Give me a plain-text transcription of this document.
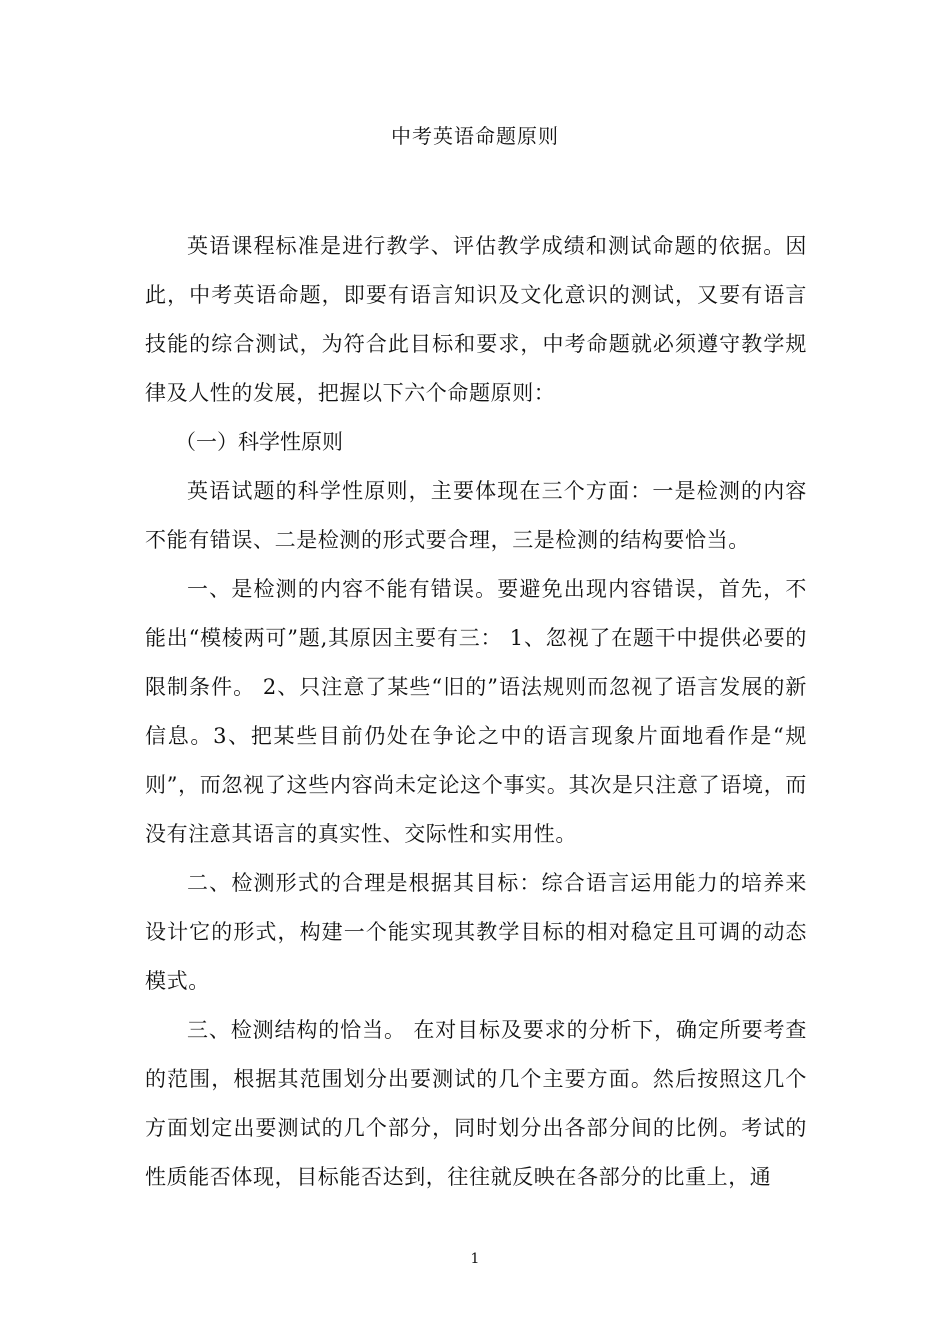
中考英语命题原则

英语课程标准是进行教学、评估教学成绩和测试命题的依据。因此，中考英语命题，即要有语言知识及文化意识的测试，又要有语言技能的综合测试，为符合此目标和要求，中考命题就必须遵守教学规律及人性的发展，把握以下六个命题原则：

（一）科学性原则

英语试题的科学性原则，主要体现在三个方面：一是检测的内容不能有错误、二是检测的形式要合理，三是检测的结构要恰当。

一、是检测的内容不能有错误。要避免出现内容错误，首先，不能出“模棱两可”题,其原因主要有三： 1、忽视了在题干中提供必要的限制条件。 2、只注意了某些“旧的”语法规则而忽视了语言发展的新信息。3、把某些目前仍处在争论之中的语言现象片面地看作是“规则”，而忽视了这些内容尚未定论这个事实。其次是只注意了语境，而没有注意其语言的真实性、交际性和实用性。

二、检测形式的合理是根据其目标：综合语言运用能力的培养来设计它的形式，构建一个能实现其教学目标的相对稳定且可调的动态模式。

三、检测结构的恰当。 在对目标及要求的分析下，确定所要考查的范围，根据其范围划分出要测试的几个主要方面。然后按照这几个方面划定出要测试的几个部分，同时划分出各部分间的比例。考试的性质能否体现，目标能否达到，往往就反映在各部分的比重上，通

1
